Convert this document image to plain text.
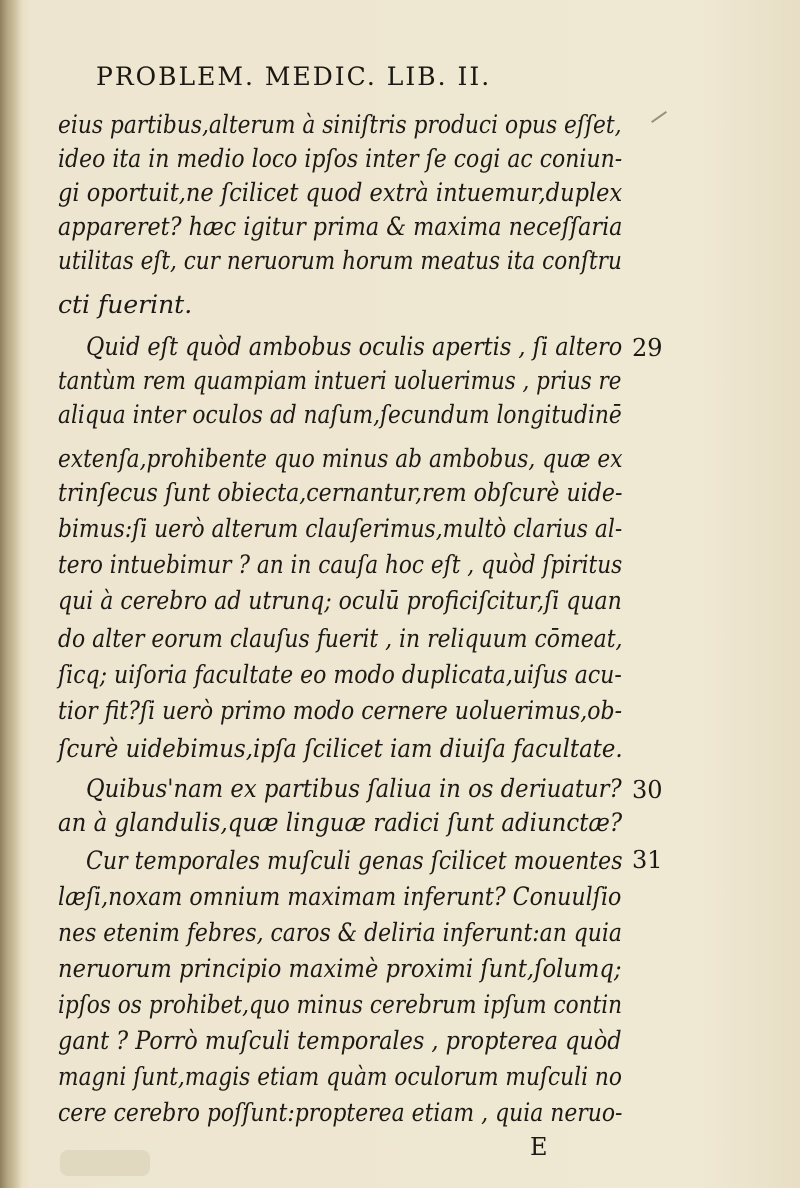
PROBLEM. MEDIC. LIB. II.
eius partibus,alterum à siniſtris produci opus eſſet,
ideo ita in medio loco ipſos inter ſe cogi ac coniun-
gi oportuit,ne ſcilicet quod extrà intuemur,duplex
appareret? hæc igitur prima & maxima neceſſaria
utilitas eſt, cur neruorum horum meatus ita conſtru
cti fuerint.
Quid eſt quòd ambobus oculis apertis , ſi altero
tantùm rem quampiam intueri uoluerimus , prius re
aliqua inter oculos ad naſum,ſecundum longitudinē
extenſa,prohibente quo minus ab ambobus, quæ ex
trinſecus ſunt obiecta,cernantur,rem obſcurè uide-
bimus:ſi uerò alterum clauſerimus,multò clarius al-
tero intuebimur ? an in cauſa hoc eſt , quòd ſpiritus
qui à cerebro ad utrunq; oculū proficiſcitur,ſi quan
do alter eorum clauſus fuerit , in reliquum cōmeat,
ſicq; uiſoria facultate eo modo duplicata,uiſus acu-
tior fit?ſi uerò primo modo cernere uoluerimus,ob-
ſcurè uidebimus,ipſa ſcilicet iam diuiſa facultate.
Quibus'nam ex partibus ſaliua in os deriuatur?
an à glandulis,quæ linguæ radici ſunt adiunctæ?
Cur temporales muſculi genas ſcilicet mouentes
læſi,noxam omnium maximam inferunt? Conuulſio
nes etenim febres, caros & deliria inferunt:an quia
neruorum principio maximè proximi ſunt,ſolumq;
ipſos os prohibet,quo minus cerebrum ipſum contin
gant ? Porrò muſculi temporales , propterea quòd
magni ſunt,magis etiam quàm oculorum muſculi no
cere cerebro poſſunt:propterea etiam , quia neruo-
29
30
31
E
